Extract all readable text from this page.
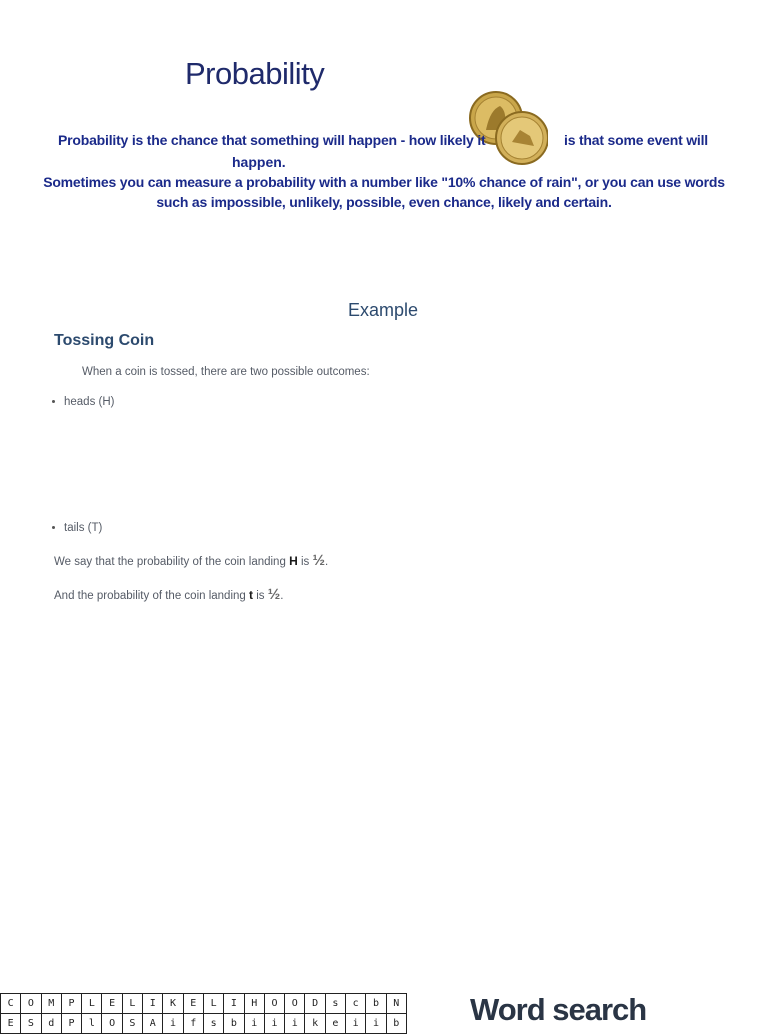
Probability
Probability is the chance that something will happen - how likely it	is that some event will
happen.
Sometimes you can measure a probability with a number like "10% chance of rain", or you can use words
such as impossible, unlikely, possible, even chance, likely and certain.
Example
Tossing Coin
When a coin is tossed, there are two possible outcomes:
heads (H)
tails (T)
We say that the probability of the coin landing H is ½.
And the probability of the coin landing t is ½.
C	O	M	P	L	E	L	I	K	E	L	I	H	O	O	D	s	c	b	N
E	S	d	P	l	O	S	A	i	f	s	b	i	i	i	k	e	i	i	b Word search
